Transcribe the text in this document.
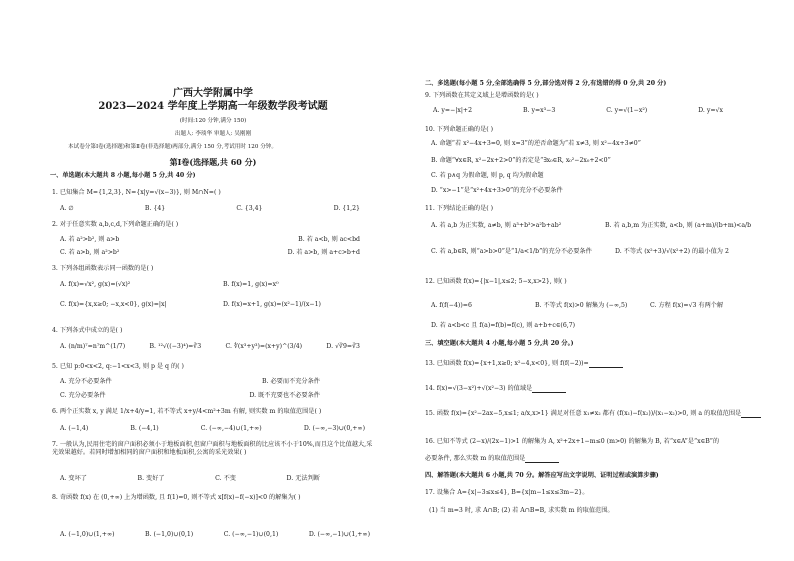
广西大学附属中学
2023—2024 学年度上学期高一年级数学段考试题
(时间:120 分钟,满分 150)
出题人: 李琰华 审题人: 吴刚刚
本试卷分第Ⅰ卷(选择题)和第Ⅱ卷(非选择题)两部分,满分 150 分,考试用时 120 分钟。
第Ⅰ卷(选择题,共 60 分)
一、单选题(本大题共 8 小题,每小题 5 分,共 40 分)
1. 已知集合 M={1,2,3}, N={x|y=√(x−3)}, 则 M∩N=( )
A. ∅	B. {4}	C. {3,4}	D. {1,2}
2. 对于任意实数 a,b,c,d,下列命题正确的是( )
A. 若 a²>b², 则 a>b	B. 若 a<b, 则 ac<bd
C. 若 a>b, 则 a²>b²	D. 若 a>b, 则 a+c>b+d
3. 下列各组函数表示同一函数的是( )
A. f(x)=√x², g(x)=(√x)²	B. f(x)=1, g(x)=x⁰
C. f(x)={x,x≥0; −x,x<0}, g(x)=|x|	D. f(x)=x+1, g(x)=(x²−1)/(x−1)
4. 下列各式中成立的是( )
A. (n/m)⁷=n⁷m^(1/7)	B. ¹²√((−3)⁴)=∛3	C. ∜(x³+y³)=(x+y)^(3/4)	D. √∛9=∛3
5. 已知 p:0<x<2, q:−1<x<3, 则 p 是 q 的( )
A. 充分不必要条件	B. 必要而不充分条件
C. 充分必要条件	D. 既不充要也不必要条件
6. 两个正实数 x, y 满足 1/x+4/y=1, 若不等式 x+y/4<m²+3m 有解, 则实数 m 的取值范围是( )
A. (−1,4)	B. (−4,1)	C. (−∞,−4)∪(1,+∞)	D. (−∞,−3)∪(0,+∞)
7. 一般认为,民用住宅的窗户面积必须小于地板面积,但窗户面积与地板面积的比应该不小于10%,而且这个比值越大,采光效果越好。若同时增加相同的窗户面积和地板面积,公寓的采光效果( )
A. 变坏了	B. 变好了	C. 不变	D. 无法判断
8. 奇函数 f(x) 在 (0,+∞) 上为增函数, 且 f(1)=0, 则不等式 x[f(x)−f(−x)]<0 的解集为( )
A. (−1,0)∪(1,+∞)	B. (−1,0)∪(0,1)	C. (−∞,−1)∪(0,1)	D. (−∞,−1)∪(1,+∞)
二、多选题(每小题 5 分,全部选确得 5 分,部分选对得 2 分,有选错的得 0 分,共 20 分)
9. 下列函数在其定义域上是增函数的是( )
A. y=−|x|+2	B. y=x³−3	C. y=√(1−x²)	D. y=√x
10. 下列命题正确的是( )
A. 命题“若 x²−4x+3=0, 则 x=3”的逆否命题为“若 x≠3, 则 x²−4x+3≠0”
B. 命题“∀x∈R, x²−2x+2>0”的否定是“∃x₀∈R, x₀²−2x₀+2<0”
C. 若 p∧q 为假命题, 则 p, q 均为假命题
D. “x>−1”是“x²+4x+3>0”的充分不必要条件
11. 下列结论正确的是( )
A. 若 a,b 为正实数, a≠b, 则 a³+b³>a²b+ab²	B. 若 a,b,m 为正实数, a<b, 则 (a+m)/(b+m)<a/b
C. 若 a,b∈R, 则“a>b>0”是“1/a<1/b”的充分不必要条件	D. 不等式 (x²+3)/√(x²+2) 的最小值为 2
12. 已知函数 f(x)={|x−1|,x≤2; 5−x,x>2}, 则( )
A. f(f(−4))=6	B. 不等式 f(x)>0 解集为 (−∞,5)	C. 方程 f(x)=√3 有两个解
D. 若 a<b<c 且 f(a)=f(b)=f(c), 则 a+b+c∈(6,7)
三、填空题(本大题共 4 小题,每小题 5 分,共 20 分。)
13. 已知函数 f(x)={x+1,x≥0; x²−4,x<0}, 则 f(f(−2))=
14. f(x)=√(3−x²)+√(x²−3) 的值域是
15. 函数 f(x)={x²−2ax−5,x≤1; a/x,x>1} 满足对任意 x₁≠x₂ 都有 (f(x₁)−f(x₂))/(x₁−x₂)>0, 则 a 的取值范围是
16. 已知不等式 (2−x)/(2x−1)>1 的解集为 A, x²+2x+1−m≤0 (m>0) 的解集为 B, 若“x∈A”是“x∈B”的
必要条件, 那么实数 m 的取值范围是
四、解答题(本大题共 6 小题,共 70 分。解答应写出文字说明、证明过程或演算步骤)
17. 设集合 A={x|−3≤x≤4}, B={x|m−1≤x≤3m−2}。
(1) 当 m=3 时, 求 A∩B; (2) 若 A∩B=B, 求实数 m 的取值范围。
